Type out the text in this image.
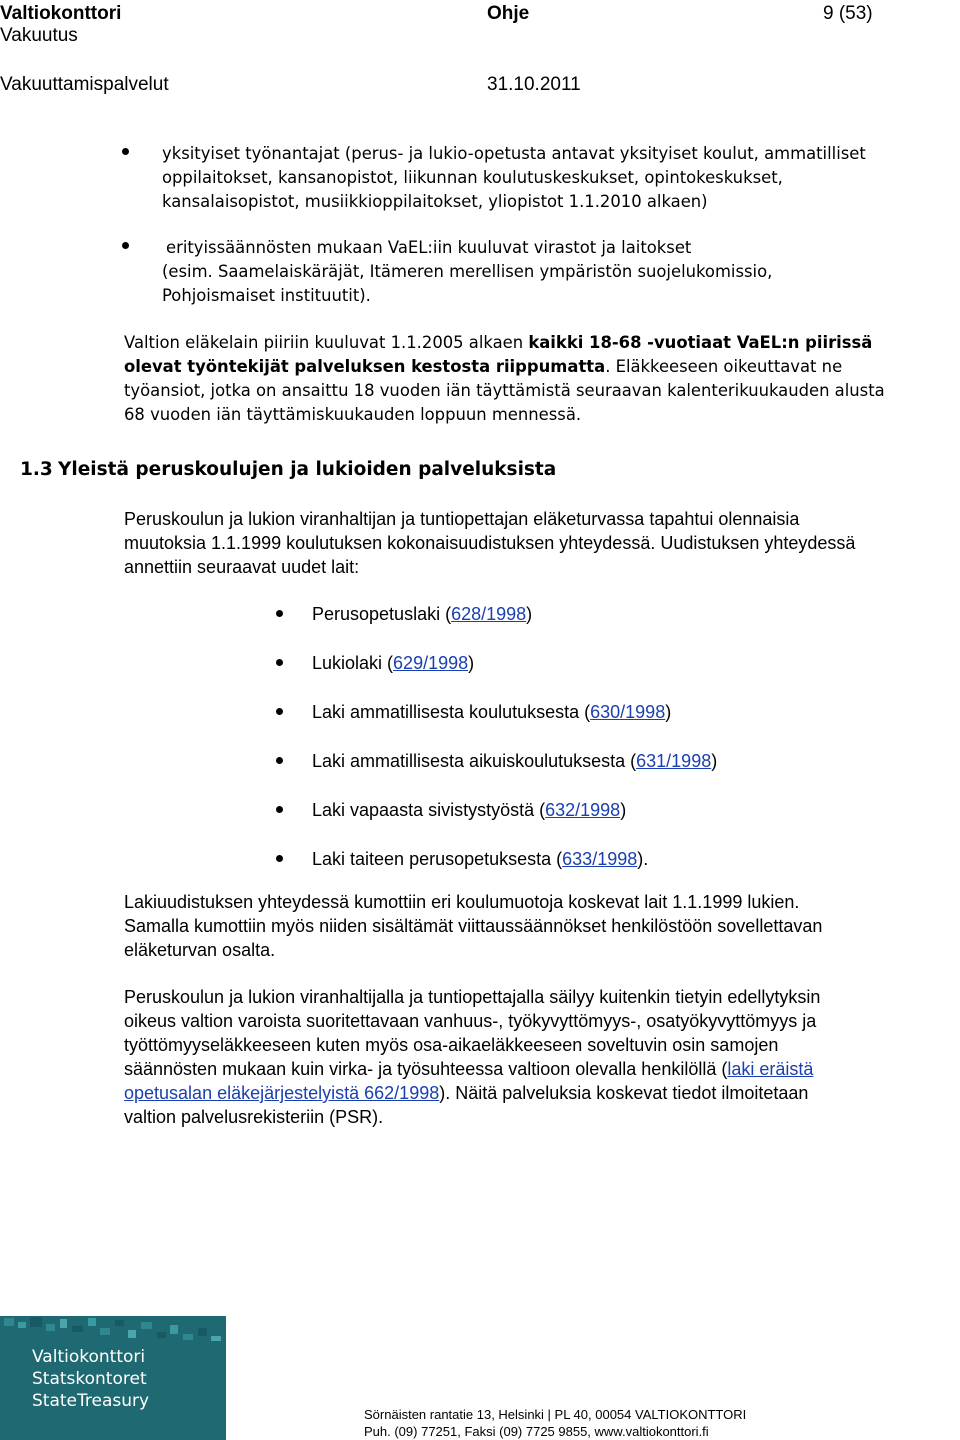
Valtiokonttori	Ohje	9 (53)
Vakuutus
Vakuuttamispalvelut	31.10.2011
yksityiset työnantajat (perus- ja lukio-opetusta antavat yksityiset koulut, ammatilliset
oppilaitokset, kansanopistot, liikunnan koulutuskeskukset, opintokeskukset,
kansalaisopistot, musiikkioppilaitokset, yliopistot 1.1.2010 alkaen)
erityissäännösten mukaan VaEL:iin kuuluvat virastot ja laitokset
(esim. Saamelaiskäräjät, Itämeren merellisen ympäristön suojelukomissio,
Pohjoismaiset instituutit).
Valtion eläkelain piiriin kuuluvat 1.1.2005 alkaen kaikki 18-68 -vuotiaat VaEL:n piirissä
olevat työntekijät palveluksen kestosta riippumatta. Eläkkeeseen oikeuttavat ne
työansiot, jotka on ansaittu 18 vuoden iän täyttämistä seuraavan kalenterikuukauden alusta
68 vuoden iän täyttämiskuukauden loppuun mennessä.
1.3 Yleistä peruskoulujen ja lukioiden palveluksista
Peruskoulun ja lukion viranhaltijan ja tuntiopettajan eläketurvassa tapahtui olennaisia
muutoksia 1.1.1999 koulutuksen kokonaisuudistuksen yhteydessä. Uudistuksen yhteydessä
annettiin seuraavat uudet lait:
Perusopetuslaki (628/1998)
Lukiolaki (629/1998)
Laki ammatillisesta koulutuksesta (630/1998)
Laki ammatillisesta aikuiskoulutuksesta (631/1998)
Laki vapaasta sivistystyöstä (632/1998)
Laki taiteen perusopetuksesta (633/1998).
Lakiuudistuksen yhteydessä kumottiin eri koulumuotoja koskevat lait 1.1.1999 lukien.
Samalla kumottiin myös niiden sisältämät viittaussäännökset henkilöstöön sovellettavan
eläketurvan osalta.
Peruskoulun ja lukion viranhaltijalla ja tuntiopettajalla säilyy kuitenkin tietyin edellytyksin
oikeus valtion varoista suoritettavaan vanhuus-, työkyvyttömyys-, osatyökyvyttömyys ja
työttömyyseläkkeeseen kuten myös osa-aikaeläkkeeseen soveltuvin osin samojen
säännösten mukaan kuin virka- ja työsuhteessa valtioon olevalla henkilöllä (laki eräistä
opetusalan eläkejärjestelyistä 662/1998). Näitä palveluksia koskevat tiedot ilmoitetaan
valtion palvelusrekisteriin (PSR).
Valtiokonttori
Statskontoret
StateTreasury
Sörnäisten rantatie 13, Helsinki | PL 40, 00054 VALTIOKONTTORI
Puh. (09) 77251, Faksi (09) 7725 9855, www.valtiokonttori.fi
